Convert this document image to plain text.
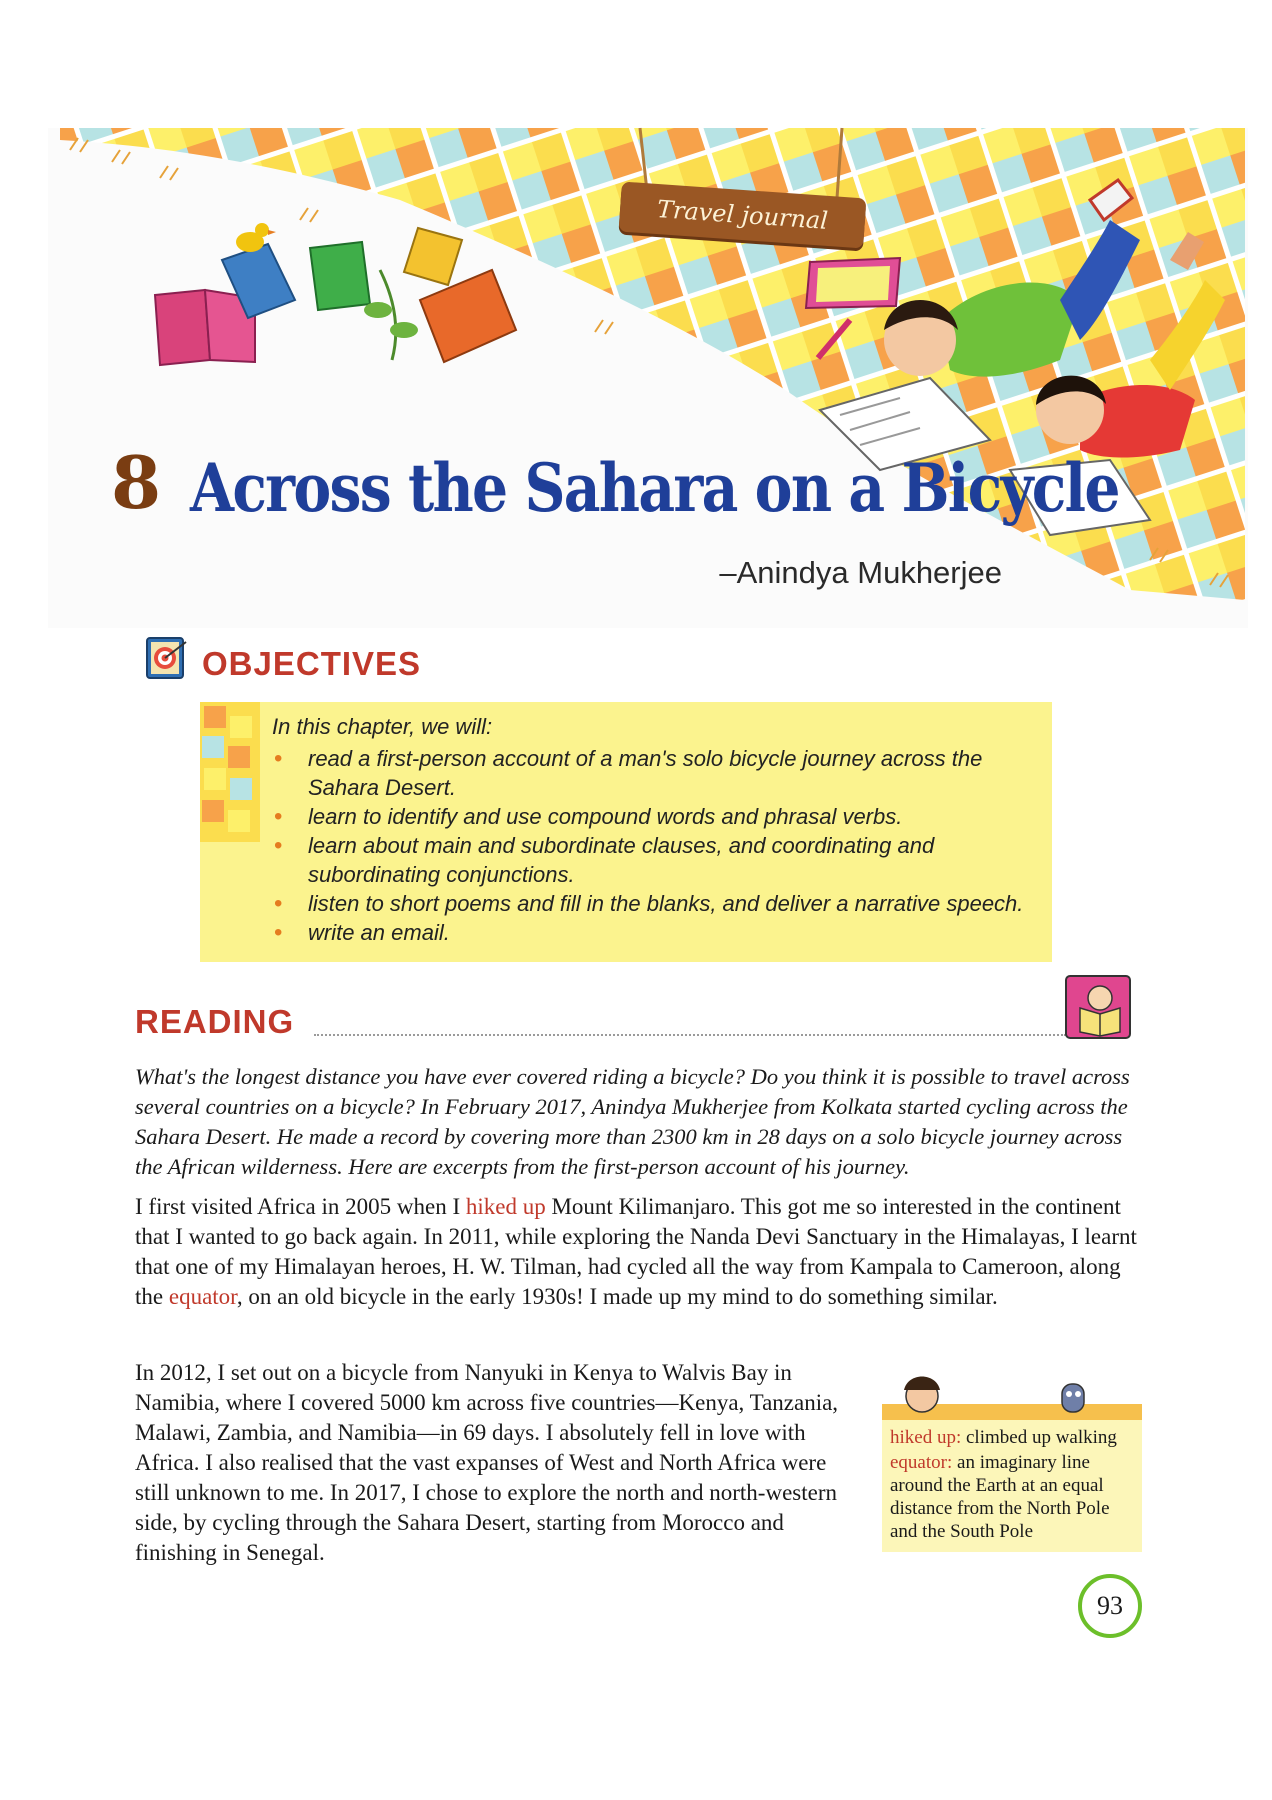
Travel journal
8 Across the Sahara on a Bicycle

–Anindya Mukherjee

OBJECTIVES

In this chapter, we will:

• read a first-person account of a man's solo bicycle journey across the Sahara Desert.
• learn to identify and use compound words and phrasal verbs.
• learn about main and subordinate clauses, and coordinating and subordinating conjunctions.
• listen to short poems and fill in the blanks, and deliver a narrative speech.
• write an email.
READING

What's the longest distance you have ever covered riding a bicycle? Do you think it is possible to travel across several countries on a bicycle? In February 2017, Anindya Mukherjee from Kolkata started cycling across the Sahara Desert. He made a record by covering more than 2300 km in 28 days on a solo bicycle journey across the African wilderness. Here are excerpts from the first-person account of his journey.

I first visited Africa in 2005 when I hiked up Mount Kilimanjaro. This got me so interested in the continent that I wanted to go back again. In 2011, while exploring the Nanda Devi Sanctuary in the Himalayas, I learnt that one of my Himalayan heroes, H. W. Tilman, had cycled all the way from Kampala to Cameroon, along the equator, on an old bicycle in the early 1930s! I made up my mind to do something similar.

In 2012, I set out on a bicycle from Nanyuki in Kenya to Walvis Bay in Namibia, where I covered 5000 km across five countries—Kenya, Tanzania, Malawi, Zambia, and Namibia—in 69 days. I absolutely fell in love with Africa. I also realised that the vast expanses of West and North Africa were still unknown to me. In 2017, I chose to explore the north and north-western side, by cycling through the Sahara Desert, starting from Morocco and finishing in Senegal.

hiked up: climbed up walking

equator: an imaginary line around the Earth at an equal distance from the North Pole and the South Pole

93
